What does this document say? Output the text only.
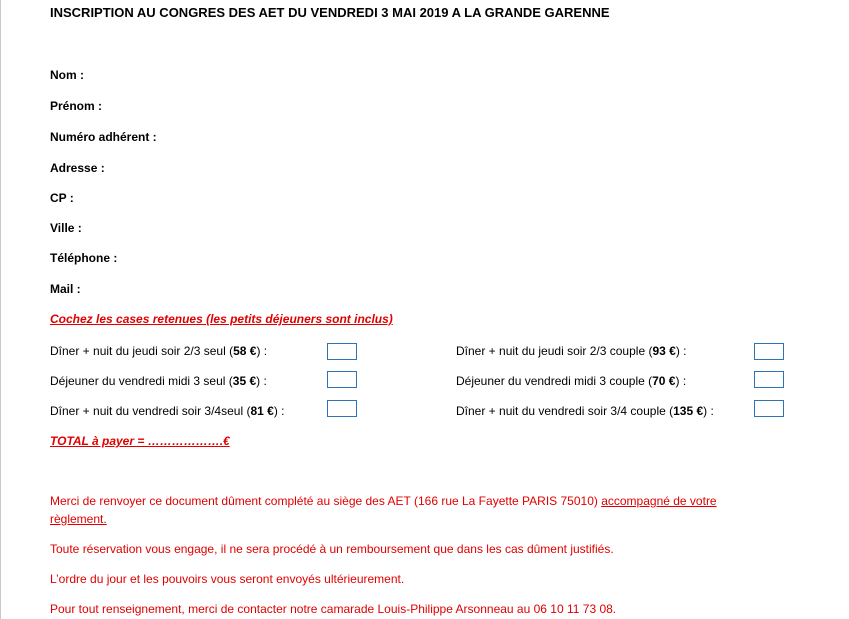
INSCRIPTION AU CONGRES DES AET DU VENDREDI 3 MAI 2019 A LA GRANDE GARENNE
Nom :
Prénom :
Numéro adhérent :
Adresse :
CP :
Ville :
Téléphone :
Mail :
Cochez les cases retenues (les petits déjeuners sont inclus)
Dîner + nuit du jeudi soir 2/3 seul (58 €) :
Déjeuner du vendredi midi 3 seul (35 €) :
Dîner + nuit du vendredi soir 3/4seul (81 €) :
Dîner + nuit du jeudi soir 2/3 couple (93 €) :
Déjeuner du vendredi midi 3 couple (70 €) :
Dîner + nuit du vendredi soir 3/4 couple (135 €) :
TOTAL à payer = ……………….€
Merci de renvoyer ce document dûment complété au siège des AET (166 rue La Fayette PARIS 75010) accompagné de votre
règlement.
Toute réservation vous engage, il ne sera procédé à un remboursement que dans les cas dûment justifiés.
L’ordre du jour et les pouvoirs vous seront envoyés ultérieurement.
Pour tout renseignement, merci de contacter notre camarade Louis-Philippe Arsonneau au 06 10 11 73 08.
